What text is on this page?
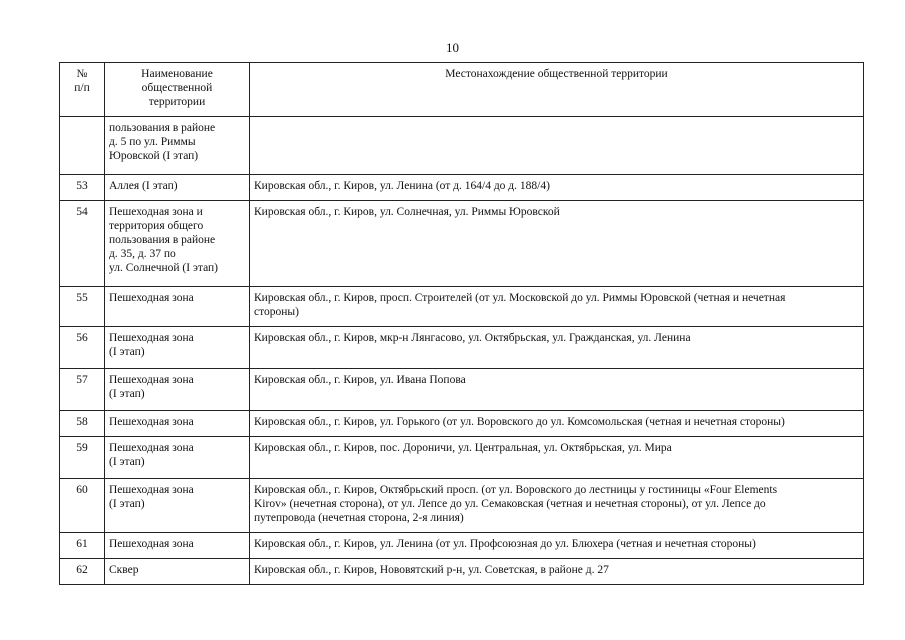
10
№
п/п	Наименование
общественной
территории	Местонахождение общественной территории
	пользования в районе
д. 5 по ул. Риммы
Юровской (I этап)	
53	Аллея (I этап)	Кировская обл., г. Киров, ул. Ленина (от д. 164/4 до д. 188/4)
54	Пешеходная зона и
территория общего
пользования в районе
д. 35, д. 37 по
ул. Солнечной (I этап)	Кировская обл., г. Киров, ул. Солнечная, ул. Риммы Юровской
55	Пешеходная зона	Кировская обл., г. Киров, просп. Строителей (от ул. Московской до ул. Риммы Юровской (четная и нечетная
стороны)
56	Пешеходная зона
(I этап)	Кировская обл., г. Киров, мкр-н Лянгасово, ул. Октябрьская, ул. Гражданская, ул. Ленина
57	Пешеходная зона
(I этап)	Кировская обл., г. Киров, ул. Ивана Попова
58	Пешеходная зона	Кировская обл., г. Киров, ул. Горького (от ул. Воровского до ул. Комсомольская (четная и нечетная стороны)
59	Пешеходная зона
(I этап)	Кировская обл., г. Киров, пос. Дороничи, ул. Центральная, ул. Октябрьская, ул. Мира
60	Пешеходная зона
(I этап)	Кировская обл., г. Киров, Октябрьский просп. (от ул. Воровского до лестницы у гостиницы «Four Elements
Kirov» (нечетная сторона), от ул. Лепсе до ул. Семаковская (четная и нечетная стороны), от ул. Лепсе до
путепровода (нечетная сторона, 2-я линия)
61	Пешеходная зона	Кировская обл., г. Киров, ул. Ленина (от ул. Профсоюзная до ул. Блюхера (четная и нечетная стороны)
62	Сквер	Кировская обл., г. Киров, Нововятский р-н, ул. Советская, в районе д. 27
